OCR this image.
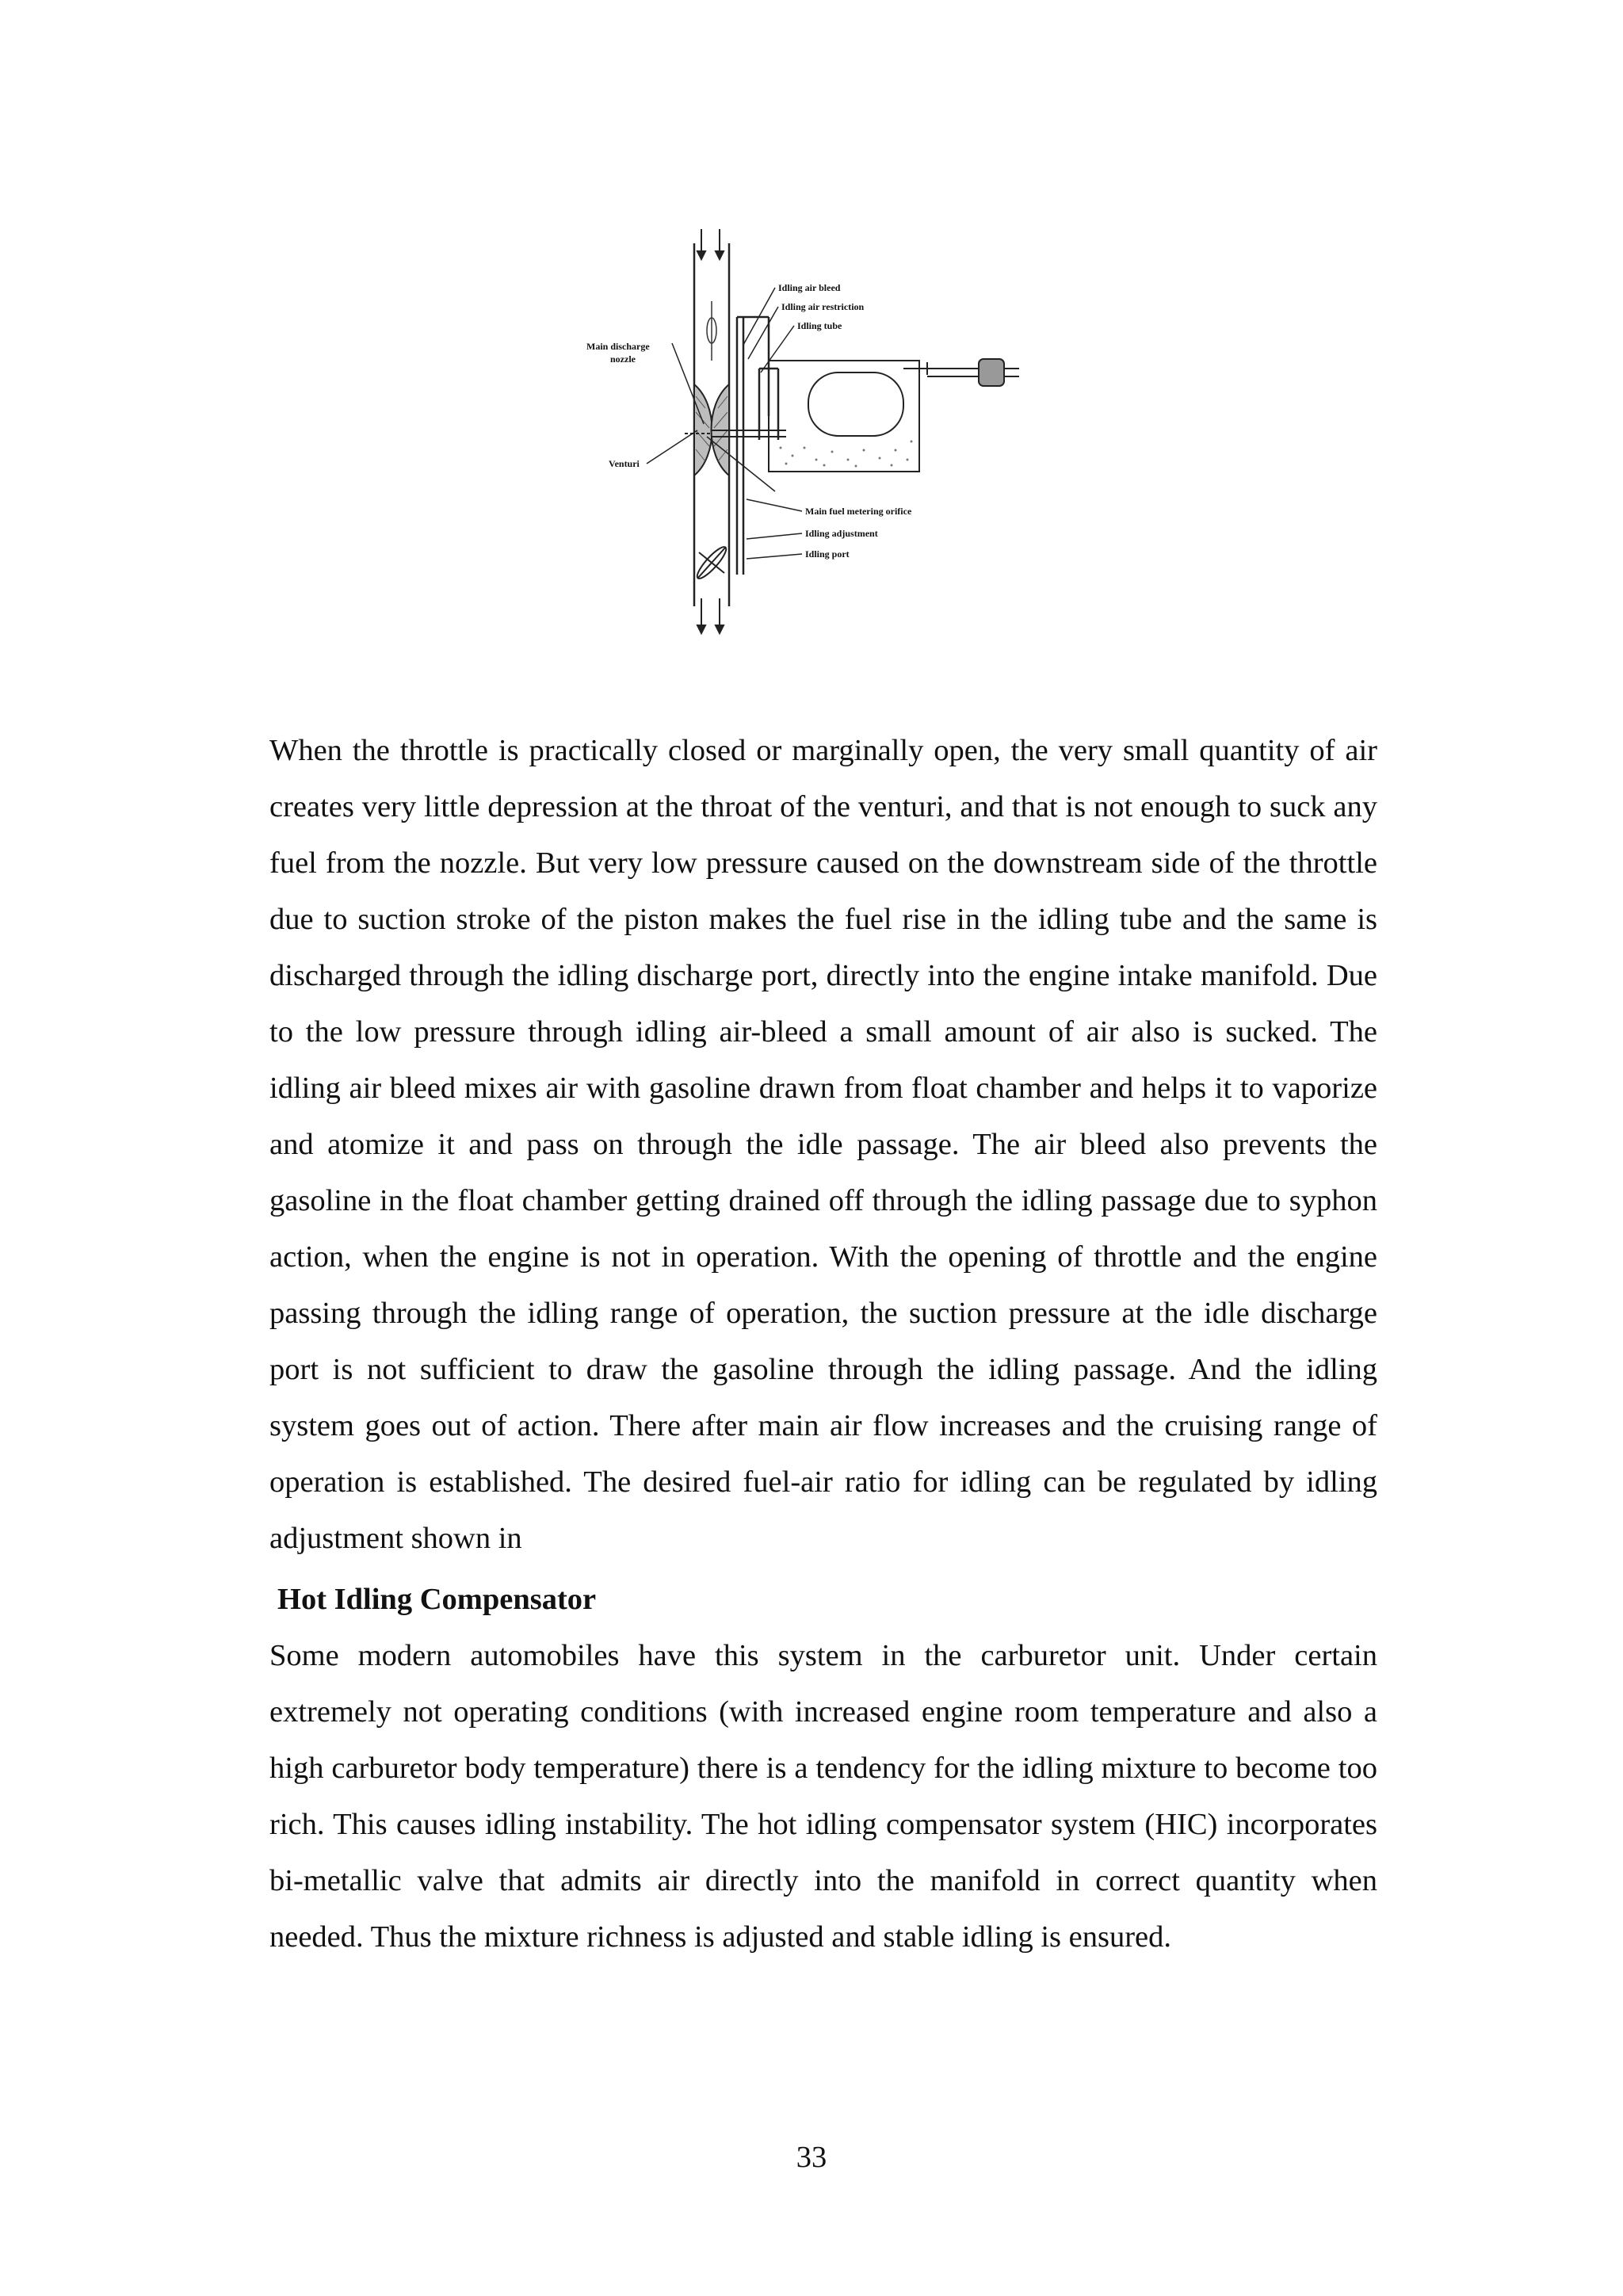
Idling air bleed
Idling air restriction
Idling tube
Main discharge
nozzle
Venturi
Main fuel metering orifice
Idling adjustment
Idling port
When the throttle is practically closed or marginally open, the very small quantity of air creates very little depression at the throat of the venturi, and that is not enough to suck any fuel from the nozzle. But very low pressure caused on the downstream side of the throttle due to suction stroke of the piston makes the fuel rise in the idling tube and the same is discharged through the idling discharge port, directly into the engine intake manifold. Due to the low pressure through idling air-bleed a small amount of air also is sucked. The idling air bleed mixes air with gasoline drawn from float chamber and helps it to vaporize and atomize it and pass on through the idle passage. The air bleed also prevents the gasoline in the float chamber getting drained off through the idling passage due to syphon action, when the engine is not in operation. With the opening of throttle and the engine passing through the idling range of operation, the suction pressure at the idle discharge port is not sufficient to draw the gasoline through the idling passage. And the idling system goes out of action. There after main air flow increases and the cruising range of operation is established. The desired fuel-air ratio for idling can be regulated by idling adjustment shown in
Hot Idling Compensator
Some modern automobiles have this system in the carburetor unit. Under certain extremely not operating conditions (with increased engine room temperature and also a high carburetor body temperature) there is a tendency for the idling mixture to become too rich. This causes idling instability. The hot idling compensator system (HIC) incorporates bi-metallic valve that admits air directly into the manifold in correct quantity when needed. Thus the mixture richness is adjusted and stable idling is ensured.
33
